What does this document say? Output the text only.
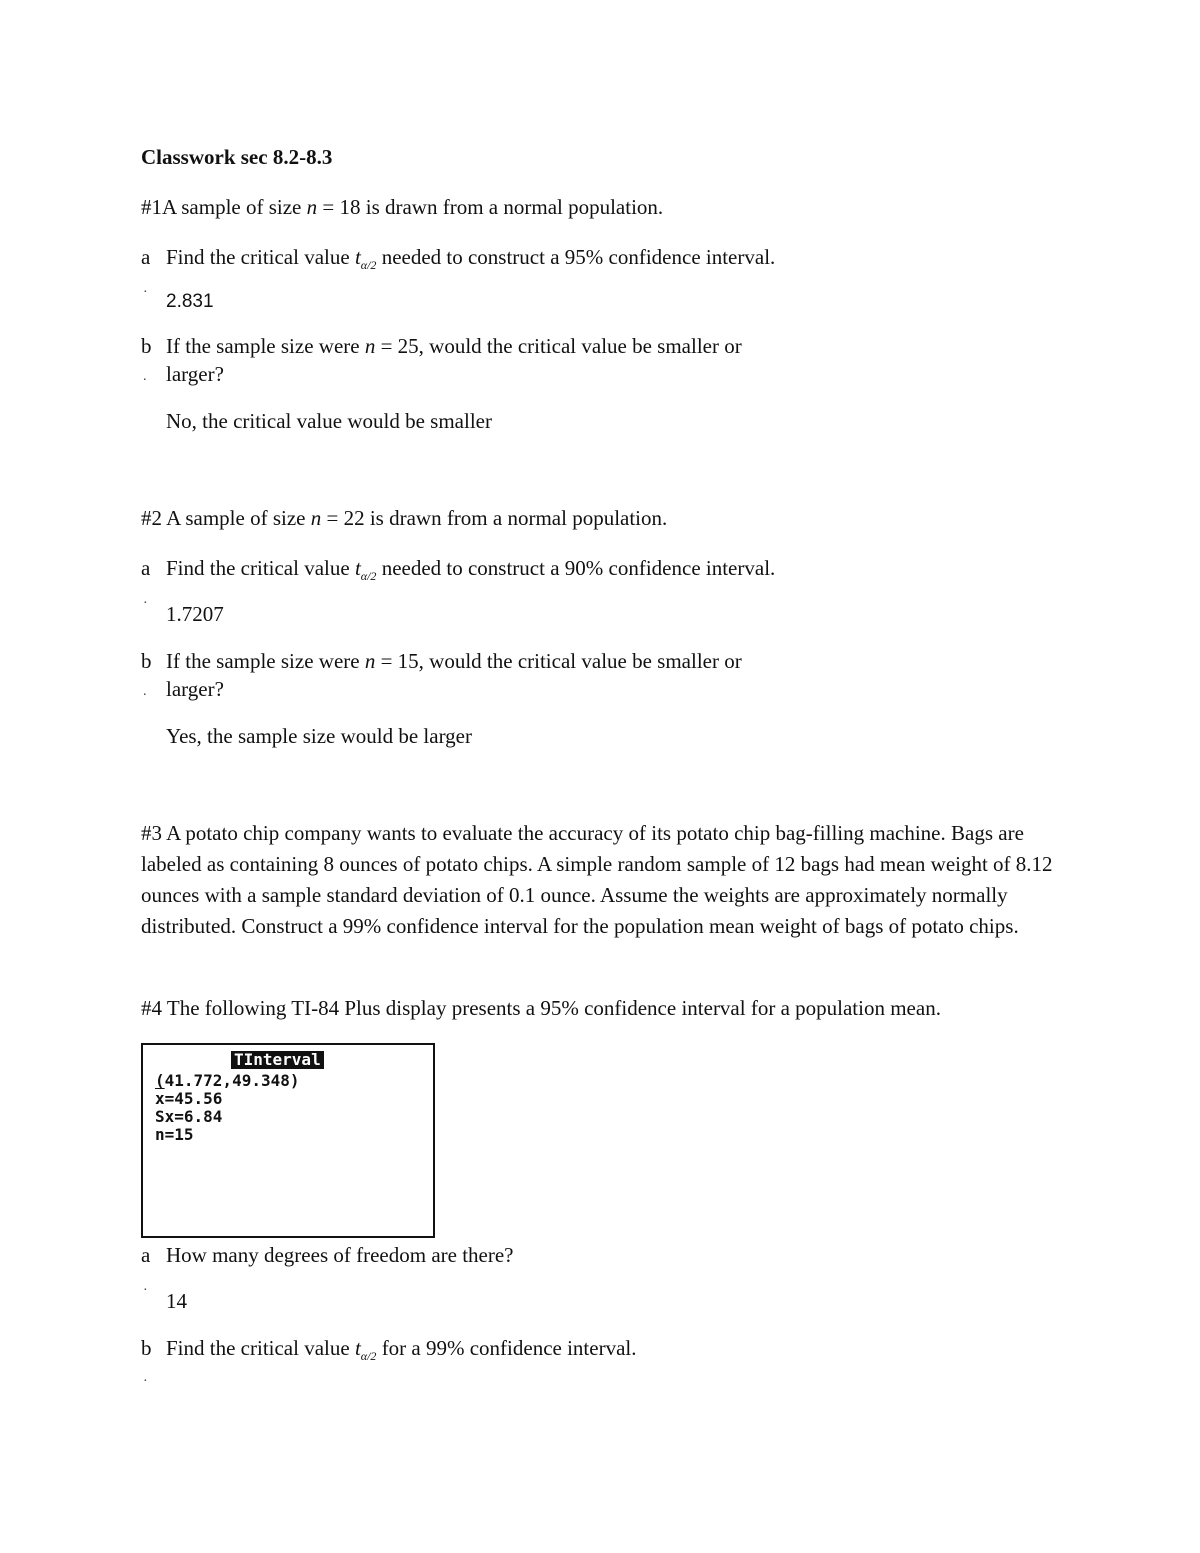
Classwork sec 8.2-8.3
#1A sample of size n = 18 is drawn from a normal population.
a Find the critical value $t_{\alpha/2}$ needed to construct a 95% confidence interval.
· 2.831
b If the sample size were n = 25, would the critical value be smaller or
. larger?
No, the critical value would be smaller
#2 A sample of size n = 22 is drawn from a normal population.
a Find the critical value $t_{\alpha/2}$ needed to construct a 90% confidence interval.
· 1.7207
b If the sample size were n = 15, would the critical value be smaller or
. larger?
Yes, the sample size would be larger
#3 A potato chip company wants to evaluate the accuracy of its potato chip bag-filling machine. Bags are labeled as containing 8 ounces of potato chips. A simple random sample of 12 bags had mean weight of 8.12 ounces with a sample standard deviation of 0.1 ounce. Assume the weights are approximately normally distributed. Construct a 99% confidence interval for the population mean weight of bags of potato chips.
#4 The following TI-84 Plus display presents a 95% confidence interval for a population mean.
TInterval
(41.772,49.348)
$\overline{x}=45.56$
Sx=6.84
n=15
a How many degrees of freedom are there?
· 14
b Find the critical value $t_{\alpha/2}$ for a 99% confidence interval.
·
